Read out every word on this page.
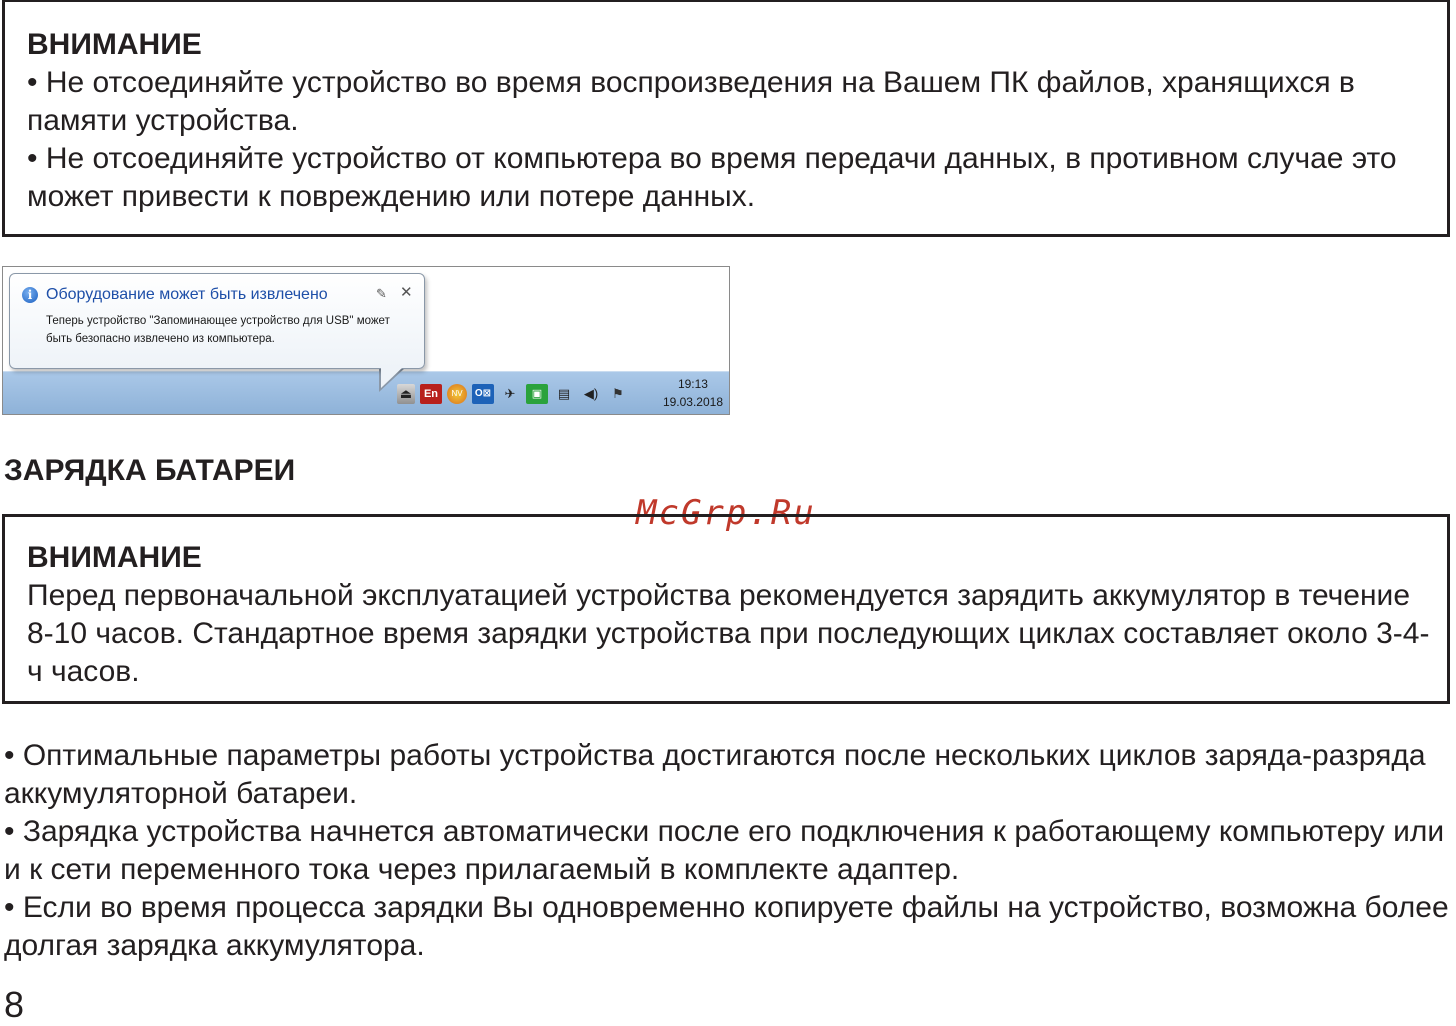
ВНИМАНИЕ
• Не отсоединяйте устройство во время воспроизведения на Вашем ПК файлов, хранящихся в памяти устройства.
• Не отсоединяйте устройство от компьютера во время передачи данных, в противном случае это может привести к повреждению или потере данных.
i Оборудование может быть извлечено	✎ ✕
Теперь устройство "Запоминающее устройство для USB" может быть безопасно извлечено из компьютера.
⏏	En	NV	O⊠	✈	▣	▤	◀)	⚑
19:13
19.03.2018
ЗАРЯДКА БАТАРЕИ
McGrp.Ru
ВНИМАНИЕ
Перед первоначальной эксплуатацией устройства рекомендуется зарядить аккумулятор в течение 8-10 часов. Стандартное время зарядки устройства при последующих циклах составляет около 3-4-ч часов.

• Оптимальные параметры работы устройства достигаются после нескольких циклов заряда-разряда аккумуляторной батареи.

• Зарядка устройства начнется автоматически после его подключения к работающему компьютеру или и к сети переменного тока через прилагаемый в комплекте адаптер.

• Если во время процесса зарядки Вы одновременно копируете файлы на устройство, возможна более долгая зарядка аккумулятора.

8
